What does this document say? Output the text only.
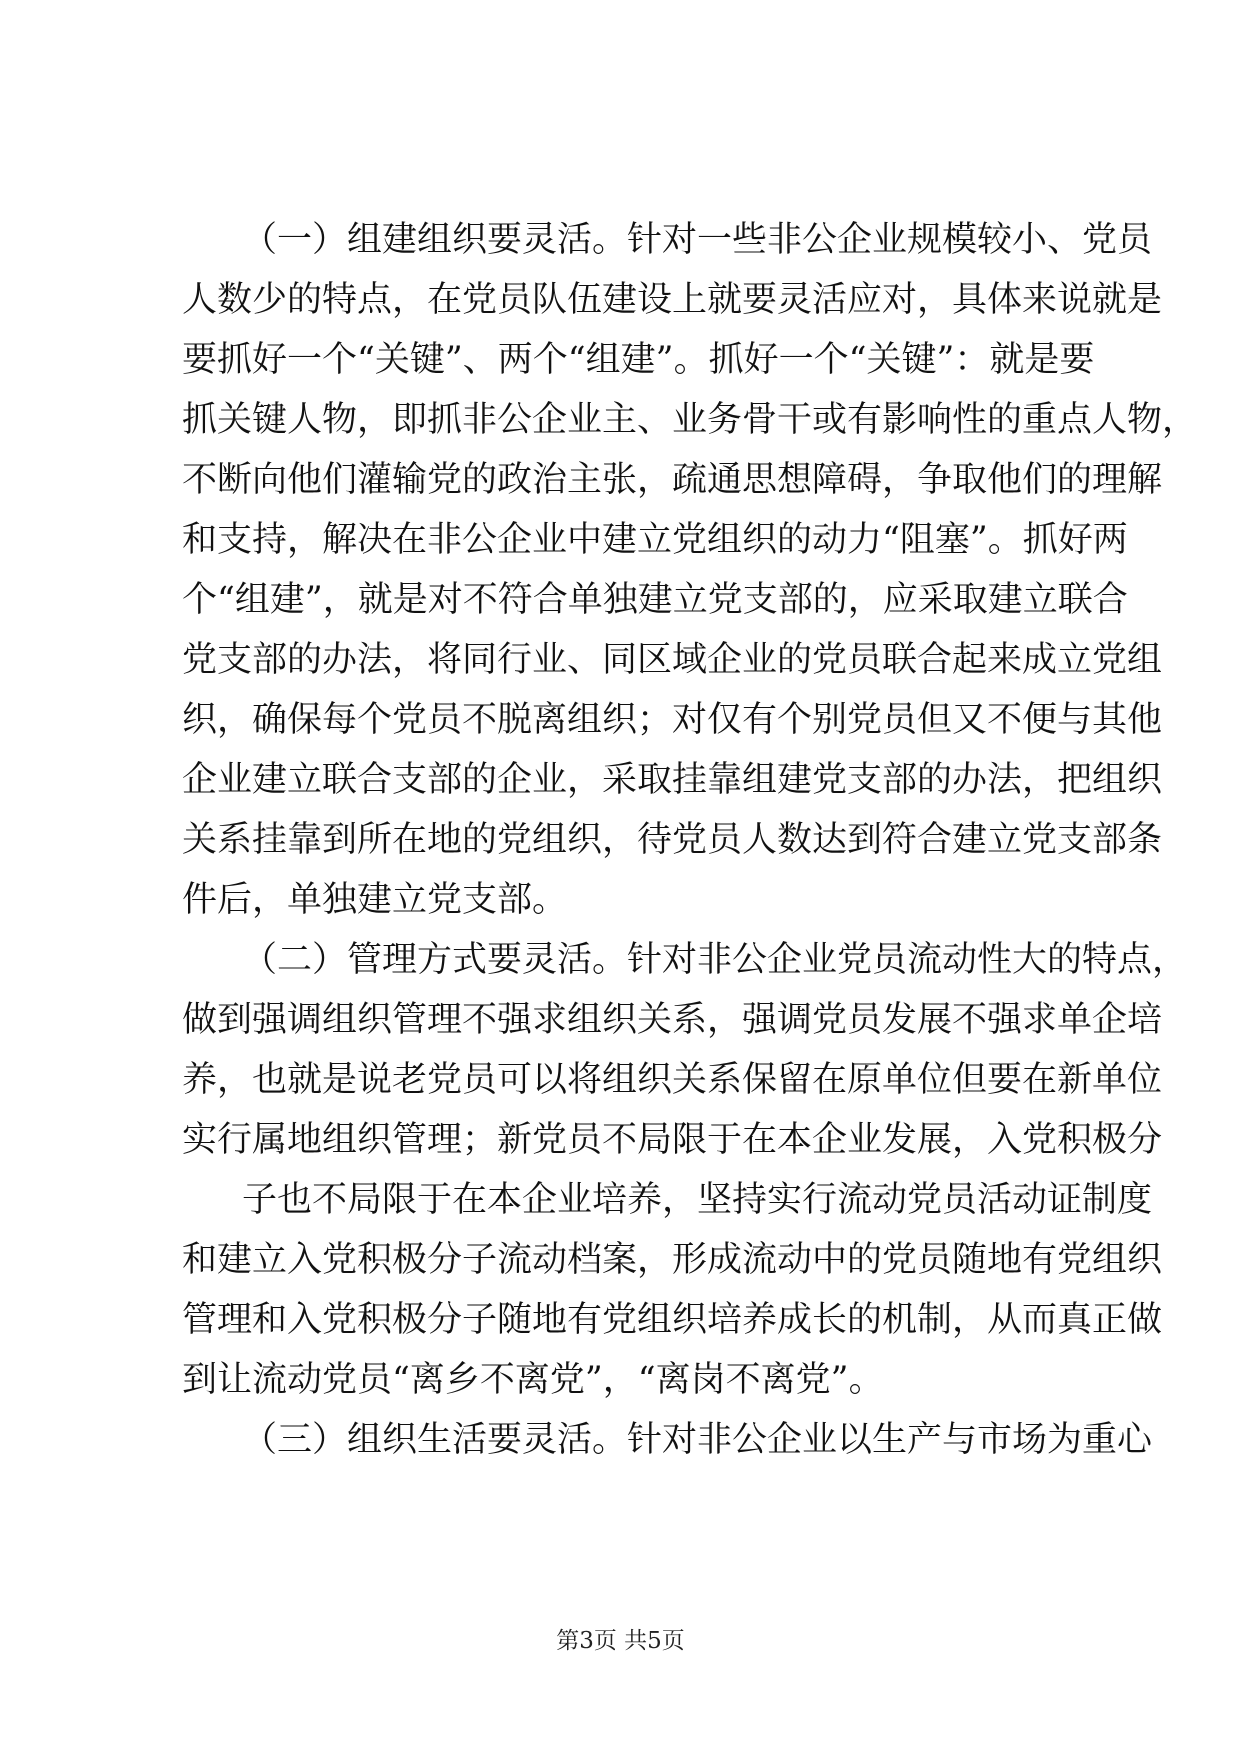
（一）组建组织要灵活。针对一些非公企业规模较小、党员
人数少的特点，在党员队伍建设上就要灵活应对，具体来说就是
要抓好一个“关键”、两个“组建”。抓好一个“关键”：就是要
抓关键人物，即抓非公企业主、业务骨干或有影响性的重点人物，
不断向他们灌输党的政治主张，疏通思想障碍，争取他们的理解
和支持，解决在非公企业中建立党组织的动力“阻塞”。抓好两
个“组建”，就是对不符合单独建立党支部的，应采取建立联合
党支部的办法，将同行业、同区域企业的党员联合起来成立党组
织，确保每个党员不脱离组织；对仅有个别党员但又不便与其他
企业建立联合支部的企业，采取挂靠组建党支部的办法，把组织
关系挂靠到所在地的党组织，待党员人数达到符合建立党支部条
件后，单独建立党支部。
（二）管理方式要灵活。针对非公企业党员流动性大的特点，
做到强调组织管理不强求组织关系，强调党员发展不强求单企培
养，也就是说老党员可以将组织关系保留在原单位但要在新单位
实行属地组织管理；新党员不局限于在本企业发展，入党积极分
子也不局限于在本企业培养，坚持实行流动党员活动证制度
和建立入党积极分子流动档案，形成流动中的党员随地有党组织
管理和入党积极分子随地有党组织培养成长的机制，从而真正做
到让流动党员“离乡不离党”，“离岗不离党”。
（三）组织生活要灵活。针对非公企业以生产与市场为重心
第3页 共5页
